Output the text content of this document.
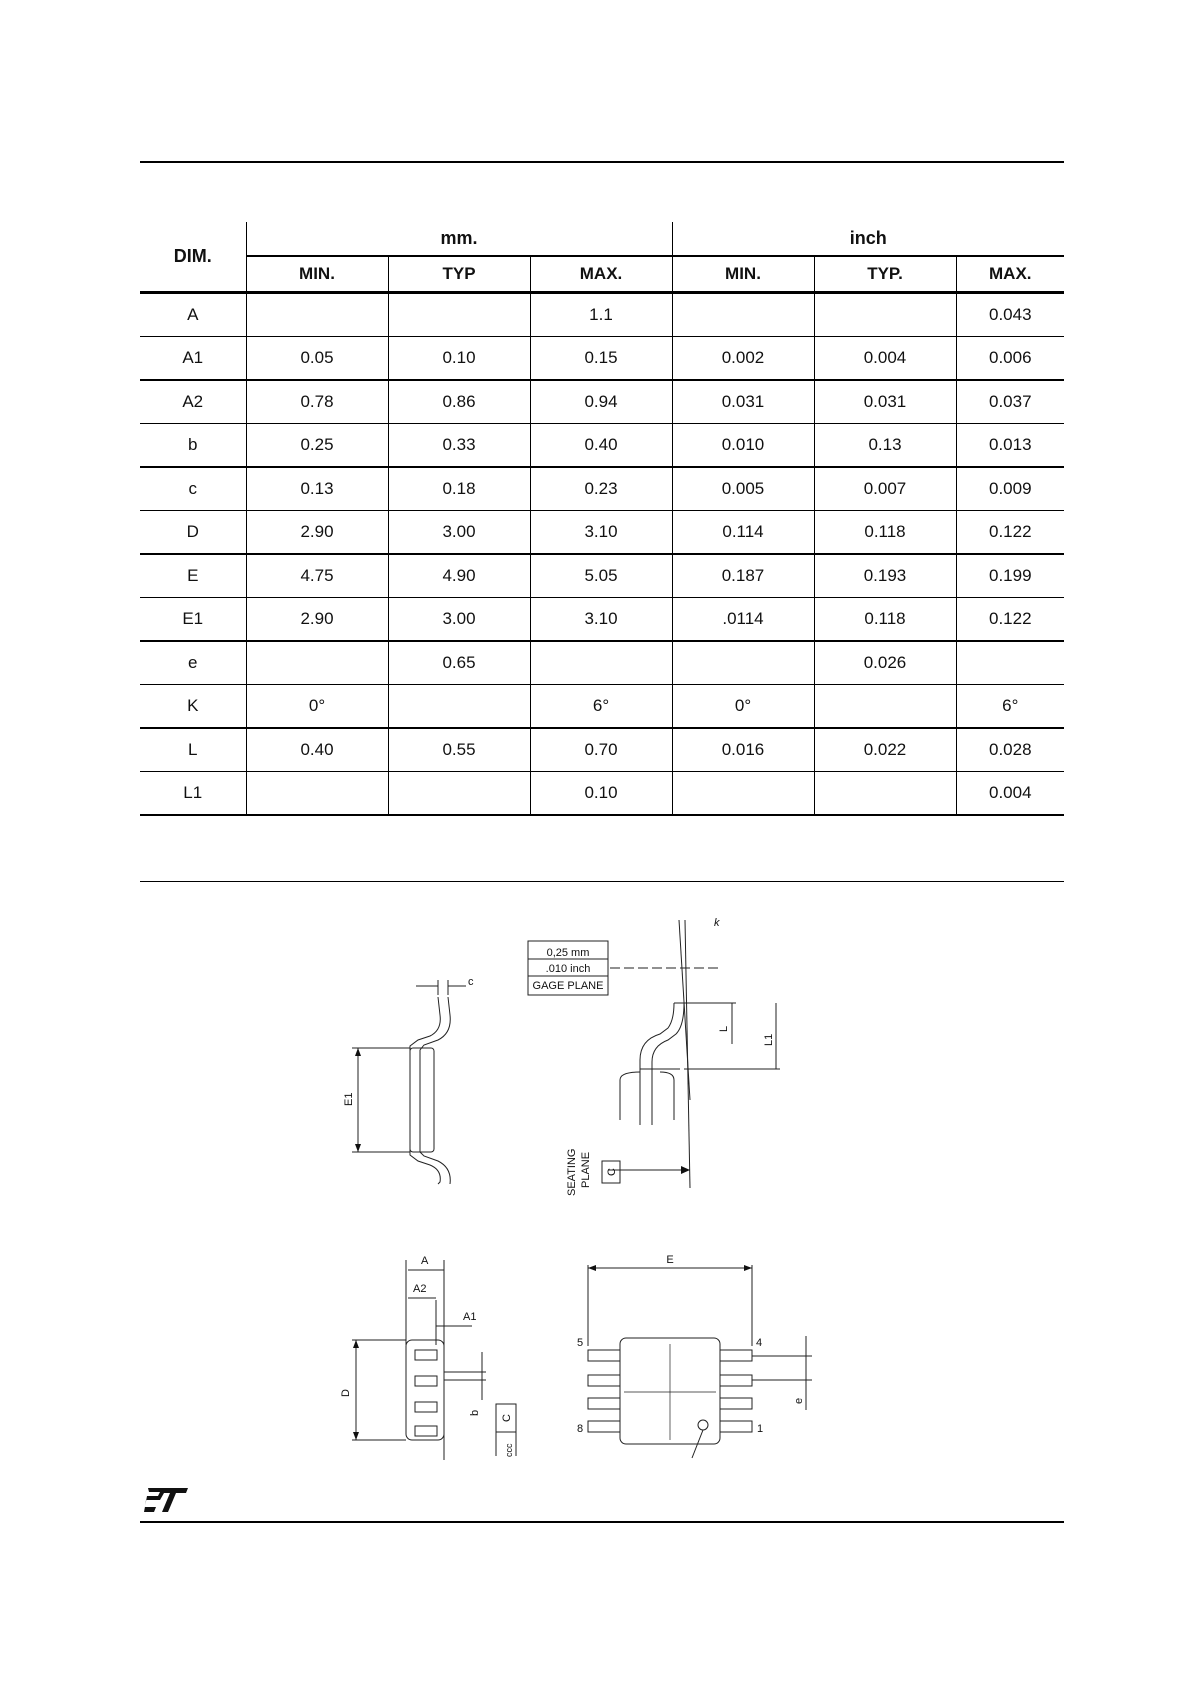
DIM.	mm.			inch		
	MIN.	TYP	MAX.	MIN.	TYP.	MAX.
A			1.1			0.043
A1	0.05	0.10	0.15	0.002	0.004	0.006
A2	0.78	0.86	0.94	0.031	0.031	0.037
b	0.25	0.33	0.40	0.010	0.13	0.013
c	0.13	0.18	0.23	0.005	0.007	0.009
D	2.90	3.00	3.10	0.114	0.118	0.122
E	4.75	4.90	5.05	0.187	0.193	0.199
E1	2.90	3.00	3.10	.0114	0.118	0.122
e		0.65			0.026	
K	0°		6°	0°		6°
L	0.40	0.55	0.70	0.016	0.022	0.028
L1			0.10			0.004
c
E1
0,25 mm
.010 inch
GAGE PLANE
k
L
L1
SEATING PLANE C
A
A2
A1
D
b
C
ccc
E
e
5	4
8	1
